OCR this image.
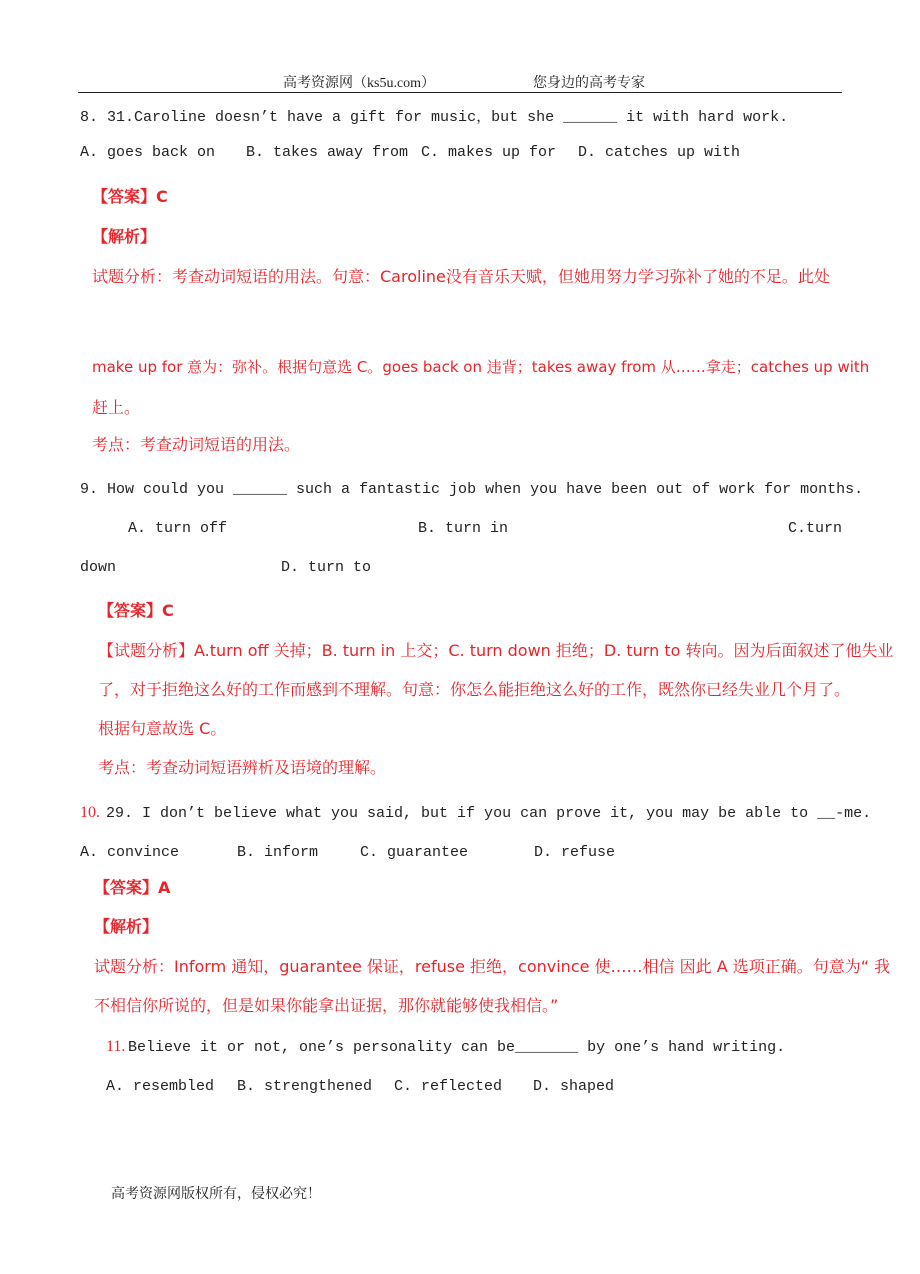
高考资源网（ks5u.com）	您身边的高考专家
8. 31.Caroline doesn’t have a gift for music，but she ______ it with hard work.
A. goes back on B. takes away from C. makes up for D. catches up with
【答案】C
【解析】
试题分析：考查动词短语的用法。句意：Caroline没有音乐天赋，但她用努力学习弥补了她的不足。此处
make up for 意为：弥补。根据句意选 C。goes back on 违背；takes away from 从……拿走；catches up with
赶上。
考点：考查动词短语的用法。
9. How could you ______ such a fantastic job when you have been out of work for months.
A. turn off	B. turn in	C.turn
down	D. turn to
【答案】C
【试题分析】A.turn off 关掉；B. turn in 上交；C. turn down 拒绝；D. turn to 转向。因为后面叙述了他失业
了，对于拒绝这么好的工作而感到不理解。句意：你怎么能拒绝这么好的工作，既然你已经失业几个月了。
根据句意故选 C。
考点：考查动词短语辨析及语境的理解。
10. 29. I don’t believe what you said, but if you can prove it, you may be able to __-me.
A. convince	B. inform	C. guarantee	D. refuse
【答案】A
【解析】
试题分析：Inform 通知，guarantee 保证，refuse 拒绝，convince 使……相信 因此 A 选项正确。句意为“ 我
不相信你所说的，但是如果你能拿出证据，那你就能够使我相信。”
11. Believe it or not, one’s personality can be_______ by one’s hand writing.
A. resembled B. strengthened C. reflected D. shaped
高考资源网版权所有，侵权必究！
